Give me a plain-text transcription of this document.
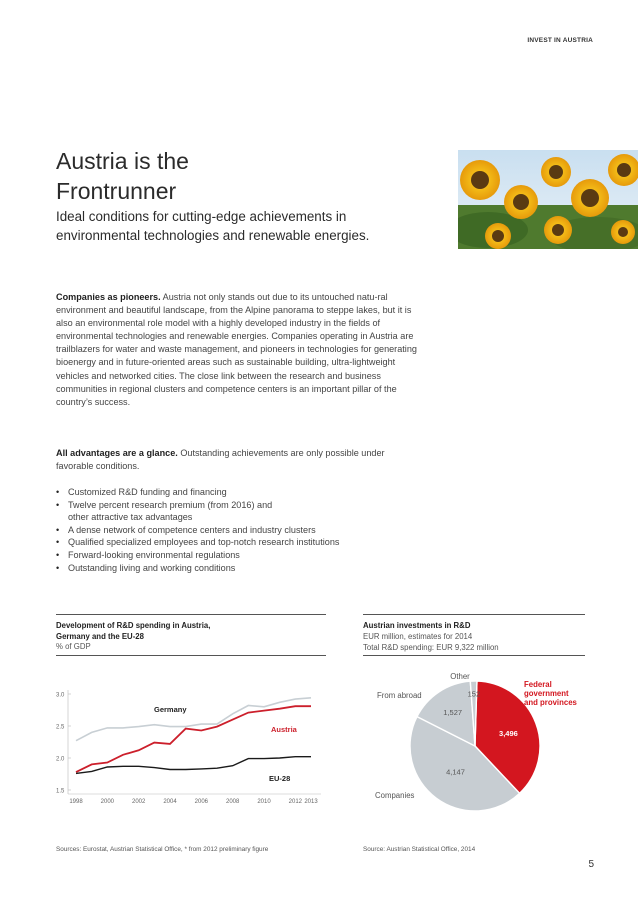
INVEST IN AUSTRIA
Austria is the
Frontrunner

Ideal conditions for cutting-edge achievements in environmental technologies and renewable energies.

Companies as pioneers. Austria not only stands out due to its untouched natu-ral environment and beautiful landscape, from the Alpine panorama to steppe lakes, but it is also an environmental role model with a highly developed industry in the fields of environmental technologies and renewable energies. Companies operating in Austria are trailblazers for water and waste management, and pioneers in technologies for generating bioenergy and in future-oriented areas such as sustainable building, ultra-lightweight vehicles and networked cities. The close link between the research and business communities in regional clusters and competence centers is an important pillar of the country’s success.

All advantages are a glance. Outstanding achievements are only possible under favorable conditions.

• Customized R&D funding and financing
• Twelve percent research premium (from 2016) and
other attractive tax advantages
• A dense network of competence centers and industry clusters
• Qualified specialized employees and top-notch research institutions
• Forward-looking environmental regulations
• Outstanding living and working conditions
Development of R&D spending in Austria,
Germany and the EU-28
% of GDP
1.5
2.0
2.5
3.0
1998	2000	2002	2004	2006	2008	2010	2012 2013
Germany
Austria
EU-28
Sources: Eurostat, Austrian Statistical Office, * from 2012 preliminary figure
Austrian investments in R&D
EUR million, estimates for 2014
Total R&D spending: EUR 9,322 million
3,496
4,147
1,527
152
Federal government and provinces
Companies
From abroad
Other
Source: Austrian Statistical Office, 2014
5
